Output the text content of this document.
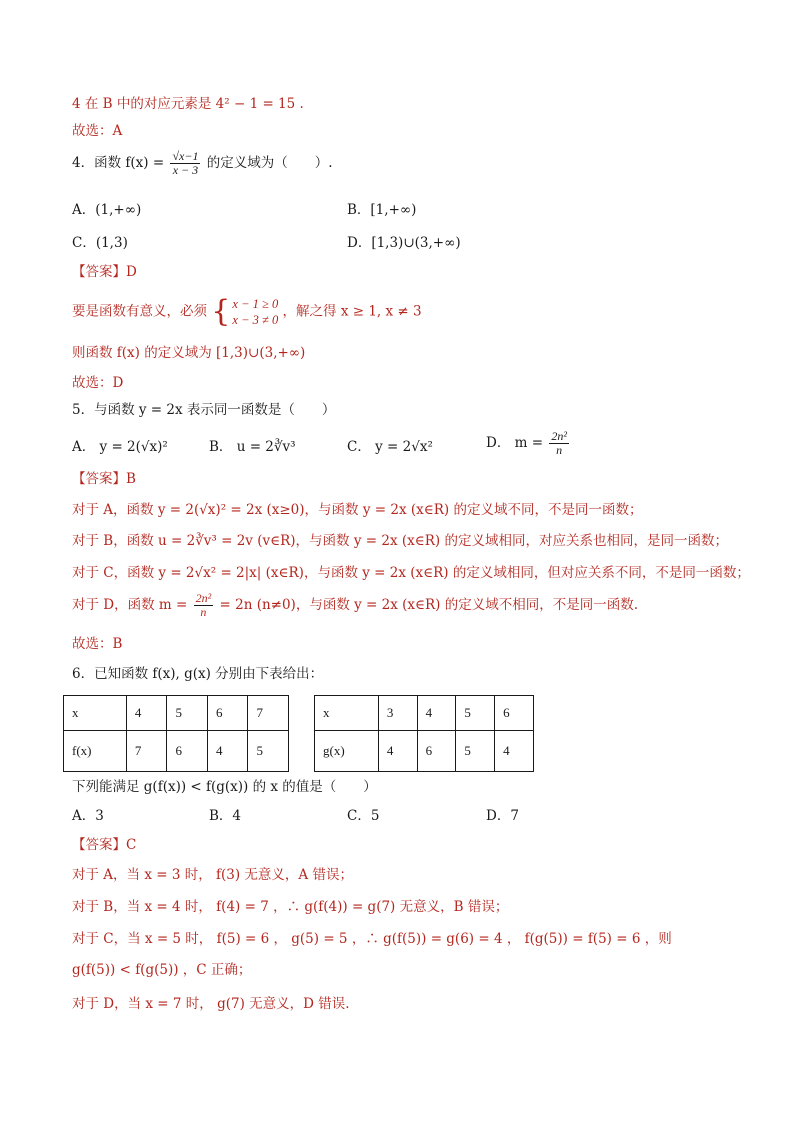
4 在 B 中的对应元素是 4² − 1 = 15 .
故选：A
4．函数 $f(x) = \frac{√x-1}{x - 3}$ 的定义域为（　　）.
A．(1,+∞)	B．[1,+∞)
C．(1,3)	D．[1,3)∪(3,+∞)
【答案】D
要是函数有意义，必须 { x − 1 ≥ 0
x − 3 ≠ 0
，解之得 x ≥ 1, x ≠ 3
则函数 f(x) 的定义域为 [1,3)∪(3,+∞)
故选：D
5．与函数 y = 2x 表示同一函数是（　　）
A． y = 2(√x)²	B． u = 2∛v³	C． y = 2√x²	D． $m = \frac{\text{2n²}}{n}$
【答案】B
对于 A，函数 y = 2(√x)² = 2x (x≥0)，与函数 y = 2x (x∈R) 的定义域不同，不是同一函数；
对于 B，函数 u = 2∛v³ = 2v (v∈R)，与函数 y = 2x (x∈R) 的定义域相同，对应关系也相同，是同一函数；
对于 C，函数 y = 2√x² = 2|x| (x∈R)，与函数 y = 2x (x∈R) 的定义域相同，但对应关系不同，不是同一函数；
对于 D，函数 $m = \frac{\text{2n²}}{n} = 2n$ (n≠0)，与函数 y = 2x (x∈R) 的定义域不相同，不是同一函数.
故选：B
6．已知函数 f(x), g(x) 分别由下表给出：
x	4	5	6	7
f(x)	7	6	4	5
x	3	4	5	6
g(x)	4	6	5	4
下列能满足 g(f(x)) < f(g(x)) 的 x 的值是（　　）
A．3	B．4	C．5	D．7
【答案】C
对于 A，当 x = 3 时， f(3) 无意义，A 错误；
对于 B，当 x = 4 时， f(4) = 7 ，∴ g(f(4)) = g(7) 无意义，B 错误；
对于 C，当 x = 5 时， f(5) = 6 ， g(5) = 5 ，∴ g(f(5)) = g(6) = 4 ， f(g(5)) = f(5) = 6 ，则
g(f(5)) < f(g(5)) ，C 正确；
对于 D，当 x = 7 时， g(7) 无意义，D 错误.
